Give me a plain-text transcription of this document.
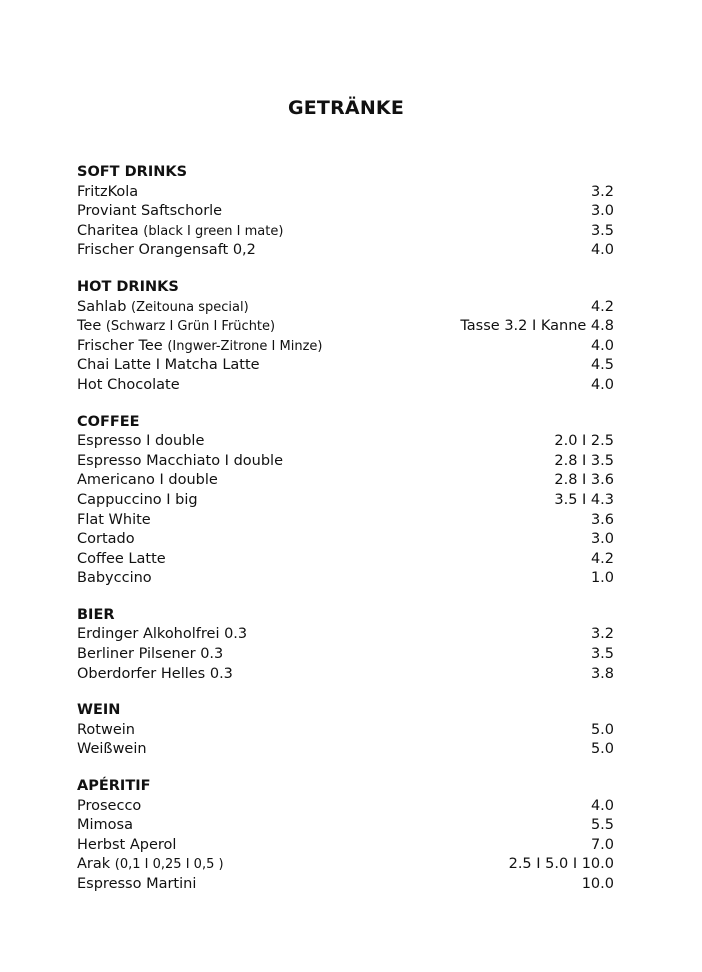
GETRÄNKE
SOFT DRINKS
FritzKola	3.2
Proviant Saftschorle	3.0
Charitea (black I green I mate)	3.5
Frischer Orangensaft 0,2	4.0
HOT DRINKS
Sahlab (Zeitouna special)	4.2
Tee (Schwarz I Grün I Früchte)	Tasse 3.2 I Kanne 4.8
Frischer Tee (Ingwer-Zitrone I Minze)	4.0
Chai Latte I Matcha Latte	4.5
Hot Chocolate	4.0
COFFEE
Espresso I double	2.0 I 2.5
Espresso Macchiato I double	2.8 I 3.5
Americano I double	2.8 I 3.6
Cappuccino I big	3.5 I 4.3
Flat White	3.6
Cortado	3.0
Coffee Latte	4.2
Babyccino	1.0
BIER
Erdinger Alkoholfrei 0.3	3.2
Berliner Pilsener 0.3	3.5
Oberdorfer Helles 0.3	3.8
WEIN
Rotwein	5.0
Weißwein	5.0
APÉRITIF
Prosecco	4.0
Mimosa	5.5
Herbst Aperol	7.0
Arak (0,1 I 0,25 I 0,5 )	2.5 I 5.0 I 10.0
Espresso Martini	10.0
